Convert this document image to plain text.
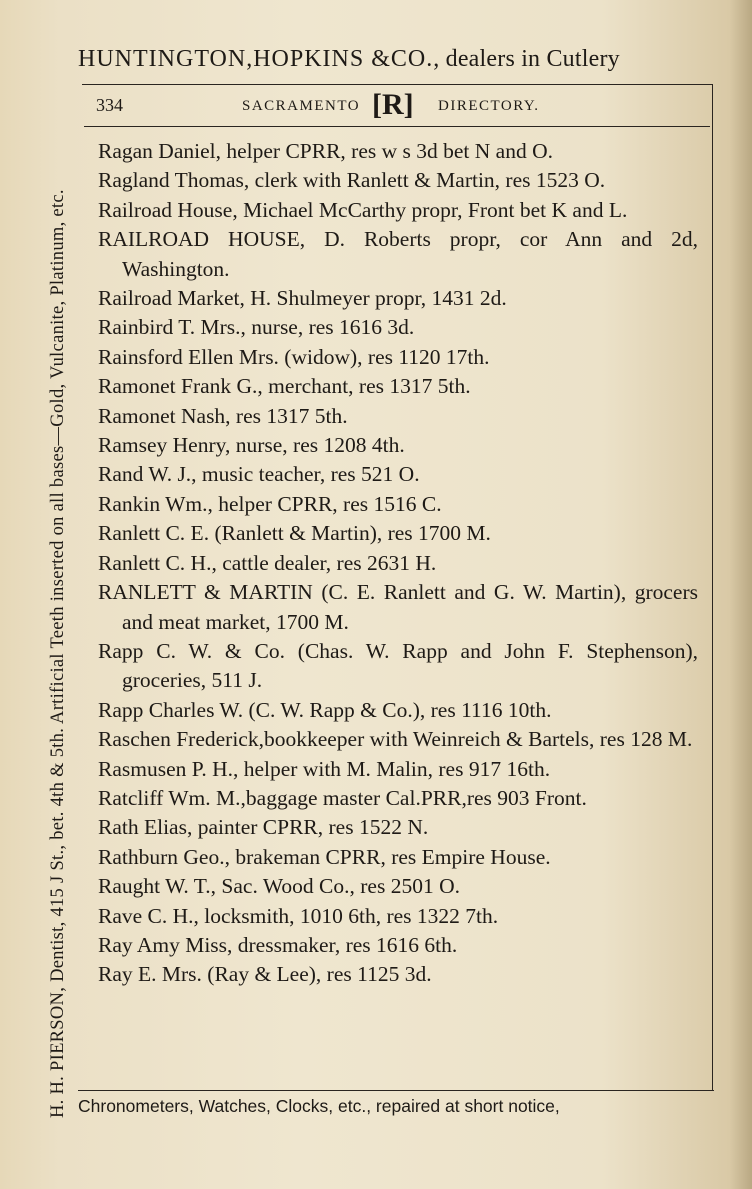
HUNTINGTON,HOPKINS &CO., dealers in Cutlery
334	SACRAMENTO [R] DIRECTORY.
H. H. PIERSON, Dentist, 415 J St., bet. 4th & 5th. Artificial Teeth inserted on all bases—Gold, Vulcanite, Platinum, etc.

Ragan Daniel, helper CPRR, res w s 3d bet N and O.

Ragland Thomas, clerk with Ranlett & Martin, res 1523 O.

Railroad House, Michael McCarthy propr, Front bet K and L.

RAILROAD HOUSE, D. Roberts propr, cor Ann and 2d, Washington.

Railroad Market, H. Shulmeyer propr, 1431 2d.

Rainbird T. Mrs., nurse, res 1616 3d.

Rainsford Ellen Mrs. (widow), res 1120 17th.

Ramonet Frank G., merchant, res 1317 5th.

Ramonet Nash, res 1317 5th.

Ramsey Henry, nurse, res 1208 4th.

Rand W. J., music teacher, res 521 O.

Rankin Wm., helper CPRR, res 1516 C.

Ranlett C. E. (Ranlett & Martin), res 1700 M.

Ranlett C. H., cattle dealer, res 2631 H.

RANLETT & MARTIN (C. E. Ranlett and G. W. Martin), grocers and meat market, 1700 M.

Rapp C. W. & Co. (Chas. W. Rapp and John F. Stephenson), groceries, 511 J.

Rapp Charles W. (C. W. Rapp & Co.), res 1116 10th.

Raschen Frederick,bookkeeper with Weinreich & Bartels, res 128 M.

Rasmusen P. H., helper with M. Malin, res 917 16th.

Ratcliff Wm. M.,baggage master Cal.PRR,res 903 Front.

Rath Elias, painter CPRR, res 1522 N.

Rathburn Geo., brakeman CPRR, res Empire House.

Raught W. T., Sac. Wood Co., res 2501 O.

Rave C. H., locksmith, 1010 6th, res 1322 7th.

Ray Amy Miss, dressmaker, res 1616 6th.

Ray E. Mrs. (Ray & Lee), res 1125 3d.

Chronometers, Watches, Clocks, etc., repaired at short notice,
